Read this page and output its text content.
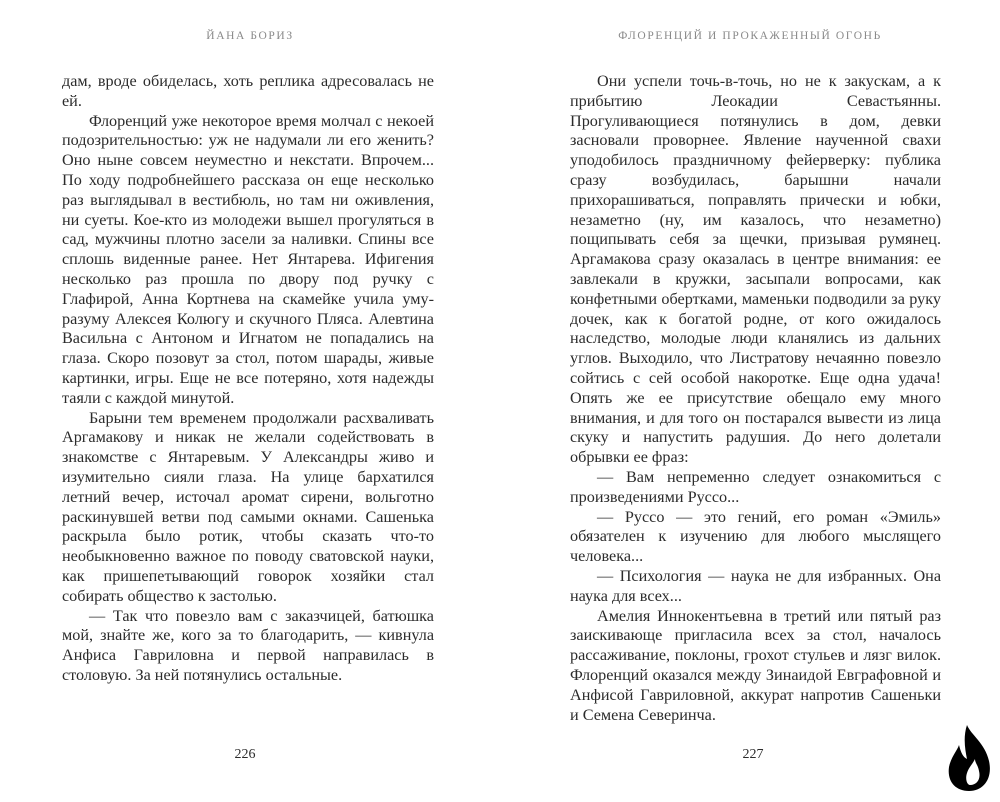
ЙАНА БОРИЗ

дам, вроде обиделась, хоть реплика адресовалась не ей.

Флоренций уже некоторое время молчал с некоей подозрительностью: уж не надумали ли его женить? Оно ныне совсем неуместно и некстати. Впрочем... По ходу подробнейшего рассказа он еще несколько раз выглядывал в вестибюль, но там ни оживления, ни суеты. Кое-кто из молодежи вышел прогуляться в сад, мужчины плотно засели за наливки. Спины все сплошь виденные ранее. Нет Янтарева. Ифигения несколько раз прошла по двору под ручку с Глафирой, Анна Кортнева на скамейке учила уму-разуму Алексея Колюгу и скучного Пляса. Алевтина Васильна с Антоном и Игнатом не попадались на глаза. Скоро позовут за стол, потом шарады, живые картинки, игры. Еще не все потеряно, хотя надежды таяли с каждой минутой.

Барыни тем временем продолжали расхваливать Аргамакову и никак не желали содействовать в знакомстве с Янтаревым. У Александры живо и изумительно сияли глаза. На улице бархатился летний вечер, источал аромат сирени, вольготно раскинувшей ветви под самыми окнами. Сашенька раскрыла было ротик, чтобы сказать что-то необыкновенно важное по поводу сватовской науки, как пришепетывающий говорок хозяйки стал собирать общество к застолью.

— Так что повезло вам с заказчицей, батюшка мой, знайте же, кого за то благодарить, — кивнула Анфиса Гавриловна и первой направилась в столовую. За ней потянулись остальные.

226
ФЛОРЕНЦИЙ И ПРОКАЖЕННЫЙ ОГОНЬ

Они успели точь-в-точь, но не к закускам, а к прибытию Леокадии Севастьянны. Прогуливающиеся потянулись в дом, девки засновали проворнее. Явление наученной свахи уподобилось праздничному фейерверку: публика сразу возбудилась, барышни начали прихорашиваться, поправлять прически и юбки, незаметно (ну, им казалось, что незаметно) пощипывать себя за щечки, призывая румянец. Аргамакова сразу оказалась в центре внимания: ее завлекали в кружки, засыпали вопросами, как конфетными обертками, маменьки подводили за руку дочек, как к богатой родне, от кого ожидалось наследство, молодые люди кланялись из дальних углов. Выходило, что Листратову нечаянно повезло сойтись с сей особой накоротке. Еще одна удача! Опять же ее присутствие обещало ему много внимания, и для того он постарался вывести из лица скуку и напустить радушия. До него долетали обрывки ее фраз:

— Вам непременно следует ознакомиться с произведениями Руссо...

— Руссо — это гений, его роман «Эмиль» обязателен к изучению для любого мыслящего человека...

— Психология — наука не для избранных. Она наука для всех...

Амелия Иннокентьевна в третий или пятый раз заискивающе пригласила всех за стол, началось рассаживание, поклоны, грохот стульев и лязг вилок. Флоренций оказался между Зинаидой Евграфовной и Анфисой Гавриловной, аккурат напротив Сашеньки и Семена Северинча.

227
